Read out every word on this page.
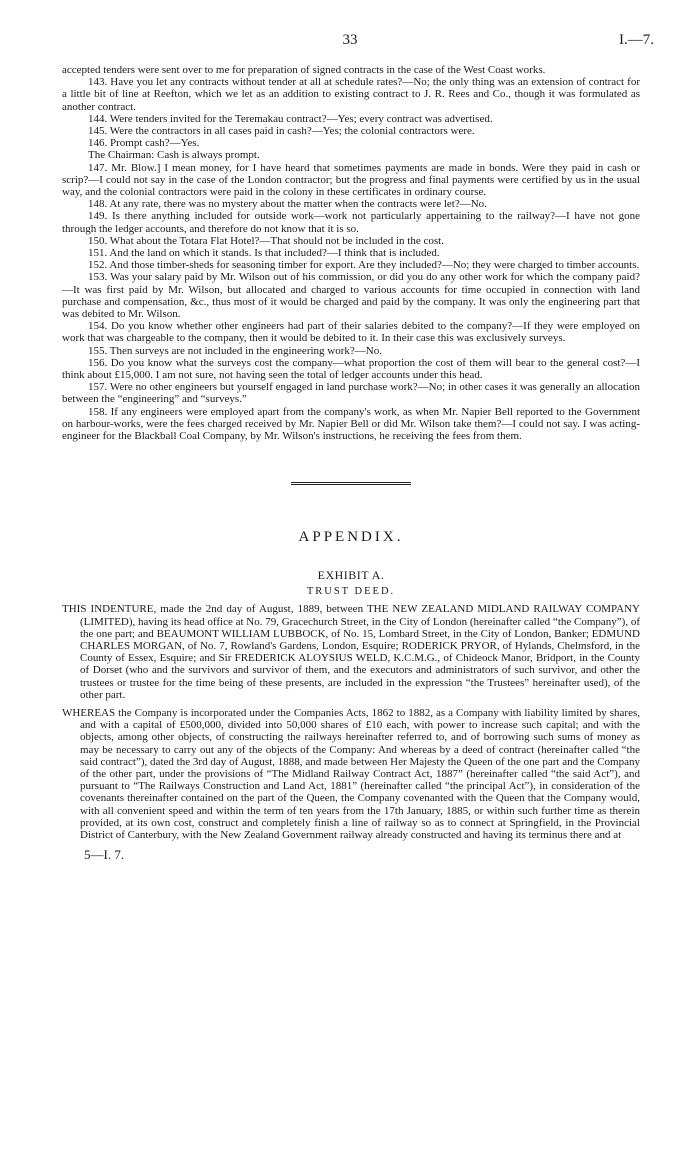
33	I.—7.

accepted tenders were sent over to me for preparation of signed contracts in the case of the West Coast works.

143. Have you let any contracts without tender at all at schedule rates?—No; the only thing was an extension of contract for a little bit of line at Reefton, which we let as an addition to existing contract to J. R. Rees and Co., though it was formulated as another contract.

144. Were tenders invited for the Teremakau contract?—Yes; every contract was advertised.

145. Were the contractors in all cases paid in cash?—Yes; the colonial contractors were.

146. Prompt cash?—Yes.

The Chairman: Cash is always prompt.

147. Mr. Blow.] I mean money, for I have heard that sometimes payments are made in bonds. Were they paid in cash or scrip?—I could not say in the case of the London contractor; but the progress and final payments were certified by us in the usual way, and the colonial contractors were paid in the colony in these certificates in ordinary course.

148. At any rate, there was no mystery about the matter when the contracts were let?—No.

149. Is there anything included for outside work—work not particularly appertaining to the railway?—I have not gone through the ledger accounts, and therefore do not know that it is so.

150. What about the Totara Flat Hotel?—That should not be included in the cost.

151. And the land on which it stands. Is that included?—I think that is included.

152. And those timber-sheds for seasoning timber for export. Are they included?—No; they were charged to timber accounts.

153. Was your salary paid by Mr. Wilson out of his commission, or did you do any other work for which the company paid?—It was first paid by Mr. Wilson, but allocated and charged to various accounts for time occupied in connection with land purchase and compensation, &c., thus most of it would be charged and paid by the company. It was only the engineering part that was debited to Mr. Wilson.

154. Do you know whether other engineers had part of their salaries debited to the company?—If they were employed on work that was chargeable to the company, then it would be debited to it. In their case this was exclusively surveys.

155. Then surveys are not included in the engineering work?—No.

156. Do you know what the surveys cost the company—what proportion the cost of them will bear to the general cost?—I think about £15,000. I am not sure, not having seen the total of ledger accounts under this head.

157. Were no other engineers but yourself engaged in land purchase work?—No; in other cases it was generally an allocation between the “engineering” and “surveys.”

158. If any engineers were employed apart from the company's work, as when Mr. Napier Bell reported to the Government on harbour-works, were the fees charged received by Mr. Napier Bell or did Mr. Wilson take them?—I could not say. I was acting-engineer for the Blackball Coal Company, by Mr. Wilson's instructions, he receiving the fees from them.

APPENDIX.
EXHIBIT A.
TRUST DEED.

THIS INDENTURE, made the 2nd day of August, 1889, between THE NEW ZEALAND MIDLAND RAILWAY COMPANY (LIMITED), having its head office at No. 79, Gracechurch Street, in the City of London (hereinafter called “the Company”), of the one part; and BEAUMONT WILLIAM LUBBOCK, of No. 15, Lombard Street, in the City of London, Banker; EDMUND CHARLES MORGAN, of No. 7, Rowland's Gardens, London, Esquire; RODERICK PRYOR, of Hylands, Chelmsford, in the County of Essex, Esquire; and Sir FREDERICK ALOYSIUS WELD, K.C.M.G., of Chideock Manor, Bridport, in the County of Dorset (who and the survivors and survivor of them, and the executors and administrators of such survivor, and other the trustees or trustee for the time being of these presents, are included in the expression “the Trustees” hereinafter used), of the other part.

WHEREAS the Company is incorporated under the Companies Acts, 1862 to 1882, as a Company with liability limited by shares, and with a capital of £500,000, divided into 50,000 shares of £10 each, with power to increase such capital; and with the objects, among other objects, of constructing the railways hereinafter referred to, and of borrowing such sums of money as may be necessary to carry out any of the objects of the Company: And whereas by a deed of contract (hereinafter called “the said contract”), dated the 3rd day of August, 1888, and made between Her Majesty the Queen of the one part and the Company of the other part, under the provisions of “The Midland Railway Contract Act, 1887” (hereinafter called “the said Act”), and pursuant to “The Railways Construction and Land Act, 1881” (hereinafter called “the principal Act”), in consideration of the covenants thereinafter contained on the part of the Queen, the Company covenanted with the Queen that the Company would, with all convenient speed and within the term of ten years from the 17th January, 1885, or within such further time as therein provided, at its own cost, construct and completely finish a line of railway so as to connect at Springfield, in the Provincial District of Canterbury, with the New Zealand Government railway already constructed and having its terminus there and at

5—I. 7.
